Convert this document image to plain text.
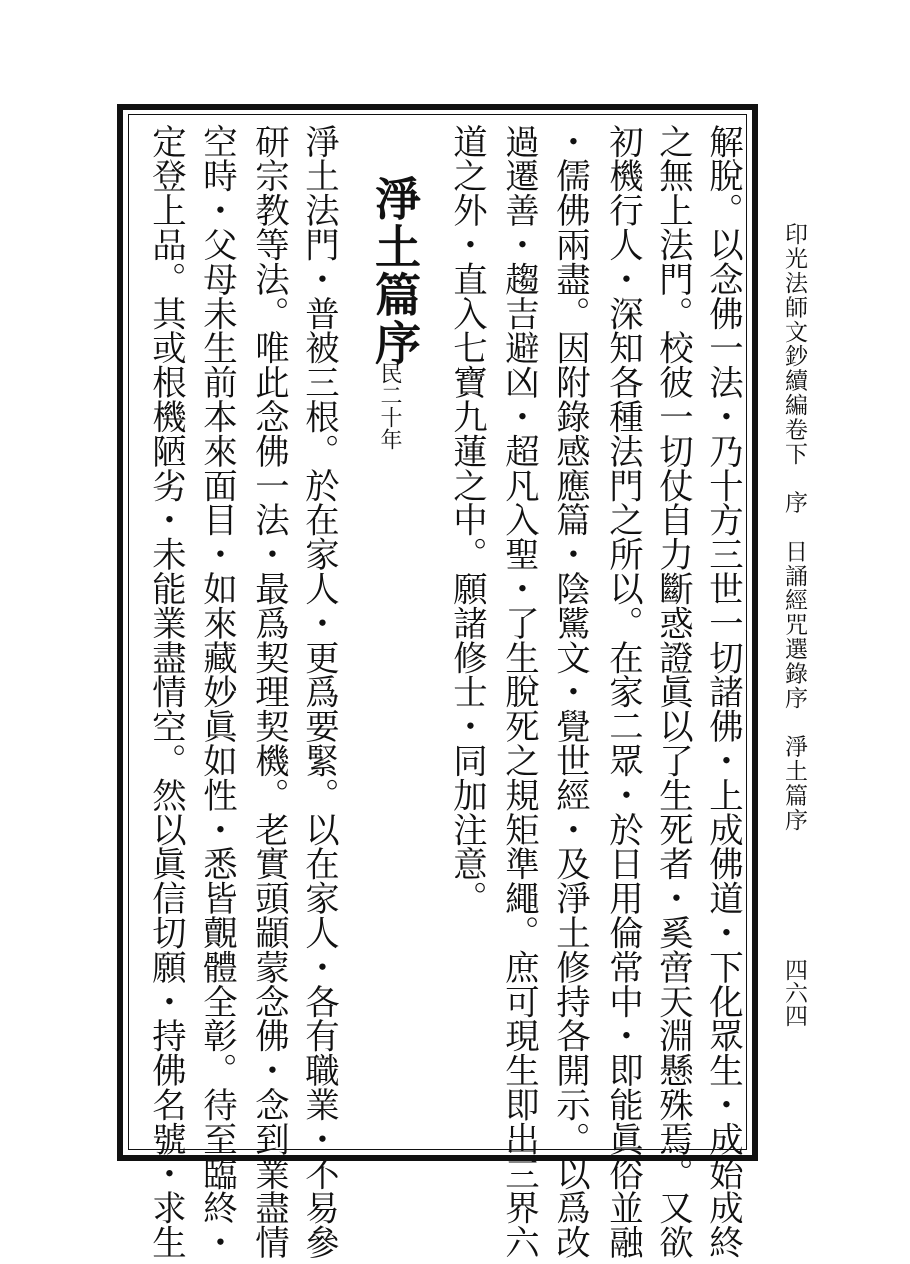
印光法師文鈔續編卷下　序　日誦經咒選錄序　淨土篇序
四六四
解脫。以念佛一法・乃十方三世一切諸佛・上成佛道・下化眾生・成始成終
之無上法門。校彼一切仗自力斷惑證眞以了生死者・奚啻天淵懸殊焉。又欲
初機行人・深知各種法門之所以。在家二眾・於日用倫常中・即能眞俗並融
・儒佛兩盡。因附錄感應篇・陰騭文・覺世經・及淨土修持各開示。以爲改
過遷善・趨吉避凶・超凡入聖・了生脫死之規矩準繩。庶可現生即出三界六
道之外・直入七寶九蓮之中。願諸修士・同加注意。
淨土篇序
民二十年
淨土法門・普被三根。於在家人・更爲要緊。以在家人・各有職業・不易參
研宗教等法。唯此念佛一法・最爲契理契機。老實頭顓蒙念佛・念到業盡情
空時・父母未生前本來面目・如來藏妙眞如性・悉皆覿體全彰。待至臨終・
定登上品。其或根機陋劣・未能業盡情空。然以眞信切願・持佛名號・求生
